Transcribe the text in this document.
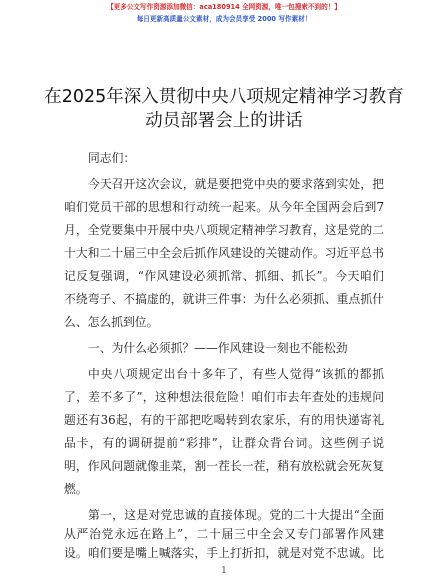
【更多公文写作资源添加微信：aca180914 全网资源，唯一包搜索不到的！】
每日更新高质量公文素材，成为会员享受 2000 写作素材！
在2025年深入贯彻中央八项规定精神学习教育
动员部署会上的讲话
同志们：
今天召开这次会议，就是要把党中央的要求落到实处，把
咱们党员干部的思想和行动统一起来。从今年全国两会后到7
月，全党要集中开展中央八项规定精神学习教育，这是党的二
十大和二十届三中全会后抓作风建设的关键动作。习近平总书
记反复强调，“作风建设必须抓常、抓细、抓长”。今天咱们
不绕弯子、不搞虚的，就讲三件事：为什么必须抓、重点抓什
么、怎么抓到位。
一、为什么必须抓？——作风建设一刻也不能松劲
中央八项规定出台十多年了，有些人觉得“该抓的都抓
了，差不多了”，这种想法很危险！咱们市去年查处的违规问
题还有36起，有的干部把吃喝转到农家乐，有的用快递寄礼
品卡，有的调研提前“彩排”，让群众背台词。这些例子说
明，作风问题就像韭菜，割一茬长一茬，稍有放松就会死灰复
燃。
1
第一，这是对党忠诚的直接体现。党的二十大提出“全面
从严治党永远在路上”，二十届三中全会又专门部署作风建
设。咱们要是嘴上喊落实，手上打折扣，就是对党不忠诚。比
